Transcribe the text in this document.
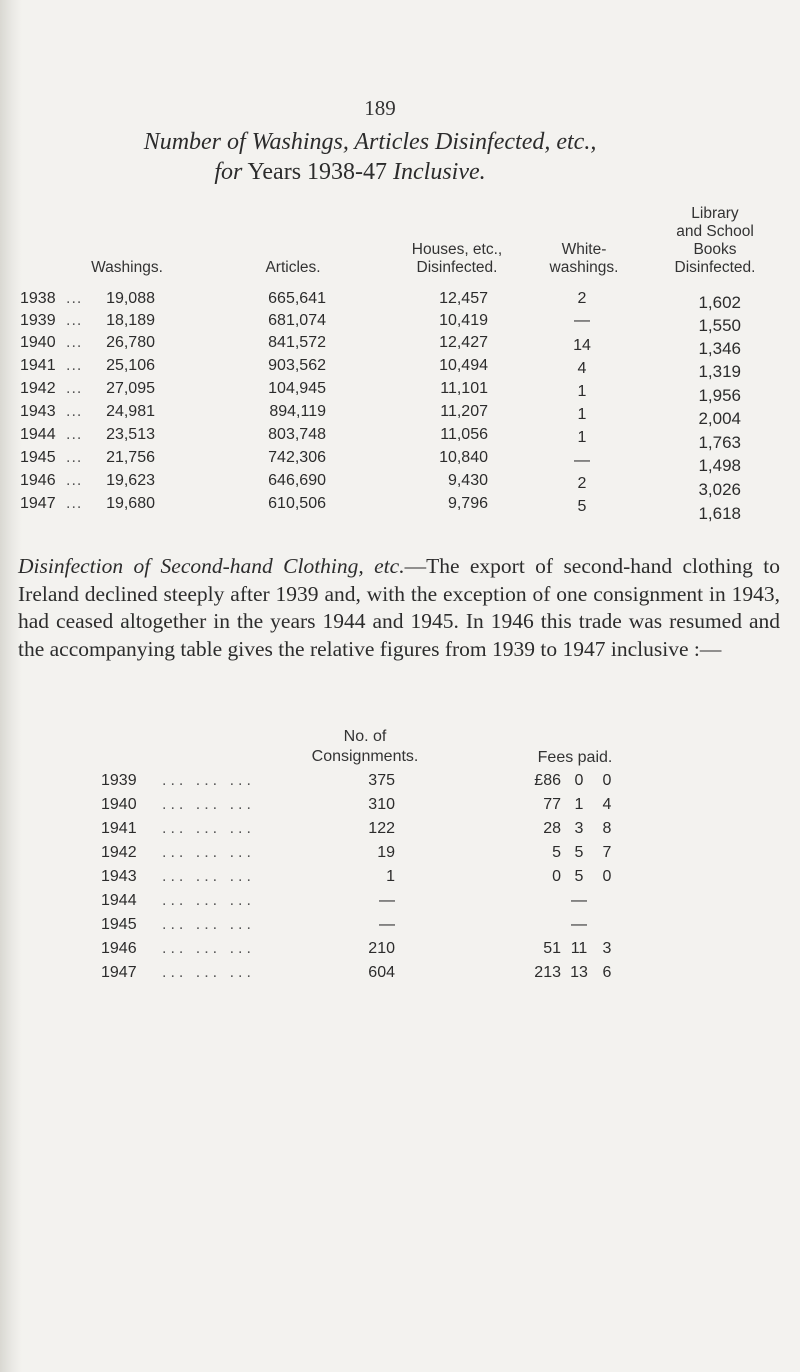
189
Number of Washings, Articles Disinfected, etc.,
for Years 1938-47 Inclusive.
Washings.	Articles.
Houses, etc.,
Disinfected.
White-
washings.
Library
and School
Books
Disinfected.
1938 ...	19,088	665,641	12,457	2	1,602
1939 ...	18,189	681,074	10,419	—	1,550
1940 ...	26,780	841,572	12,427	14	1,346
1941 ...	25,106	903,562	10,494	4	1,319
1942 ...	27,095	104,945	11,101	1	1,956
1943 ...	24,981	894,119	11,207	1	2,004
1944 ...	23,513	803,748	11,056	1	1,763
1945 ...	21,756	742,306	10,840	—	1,498
1946 ...	19,623	646,690	9,430	2	3,026
1947 ...	19,680	610,506	9,796	5	1,618
Disinfection of Second-hand Clothing, etc.—The export of second-hand clothing to Ireland declined steeply after 1939 and, with the exception of one consignment in 1943, had ceased altogether in the years 1944 and 1945. In 1946 this trade was resumed and the accompanying table gives the relative figures from 1939 to 1947 inclusive :—
No. of
Consignments.	Fees paid.
1939 ... ... ...	375	£86 0	0
1940 ... ... ...	310	77 1	4
1941 ... ... ...	122	28 3	8
1942 ... ... ...	19	5 5	7
1943 ... ... ...	1	0 5	0
1944 ... ... ...	—	—
1945 ... ... ...	—	—
1946 ... ... ...	210	51 11 3
1947 ... ... ...	604	213 13 6
